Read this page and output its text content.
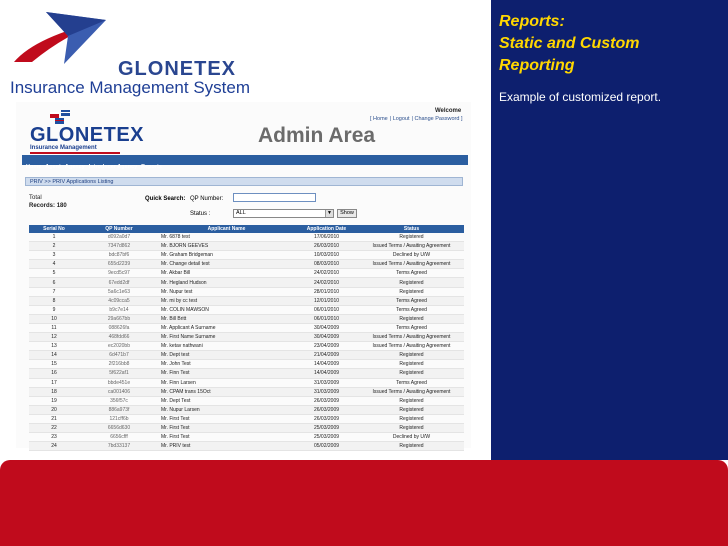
Reports:
Static and Custom
Reporting
Example of customized report.
GLONETEX
Insurance Management System
Welcome
[ Home | Logout | Change Password ]
GLONETEX
Insurance Management
Admin Area
Home Agent Agency Introducer Agency Reports
PRIV >> PRIV Applications Listing
Total
Records: 180
Quick Search: QP Number:
Status :	ALL	▼	Show
Serial No	QP Number	Applicant Name	Application Date	Status
1	d092a0d7	Mr. 6878 test	17/06/2010	Registered
2	7347d862	Mr. BJORN GEEVES	26/03/2010	Issued Terms / Awaiting Agreement
3	bdc87bf6	Mr. Graham Bridgeman	10/03/2010	Declined by U/W
4	655d2239	Mr. Change detail test	08/03/2010	Issued Terms / Awaiting Agreement
5	9ecd5c97	Mr. Akbar Bill	24/02/2010	Terms Agreed
6	67edd2df	Mr. Hegland Hudson	24/02/2010	Registered
7	5a6c1e63	Mr. Nupur test	28/01/2010	Registered
8	4c09cca5	Mr. mi by cc test	12/01/2010	Terms Agreed
9	b9c7e14	Mr. COLIN MAWSON	06/01/2010	Terms Agreed
10	29a667bb	Mr. Bill Britt	06/01/2010	Registered
11	088626fa	Mr. Applicant A Surname	30/04/2009	Terms Agreed
12	468fdd66	Mr. First Name Surname	30/04/2009	Issued Terms / Awaiting Agreement
13	ec2020bb	Mr. ketav nathwani	23/04/2009	Issued Terms / Awaiting Agreement
14	6d471b7	Mr. Dept test	21/04/2009	Registered
15	2f216bb8	Mr. John Test	14/04/2009	Registered
16	5f622af1	Mr. Finn Test	14/04/2009	Registered
17	bbde451e	Mr. Finn Larsen	31/03/2009	Terms Agreed
18	ca001406	Mr. CPAM trans 15Oct	31/03/2009	Issued Terms / Awaiting Agreement
19	356f57c	Mr. Dept Test	26/03/2009	Registered
20	886a973f	Mr. Nupur Larsen	26/03/2009	Registered
21	121cff6b	Mr. First Test	26/03/2009	Registered
22	6656d630	Mr. First Test	25/03/2009	Registered
23	6656cfff	Mr. First Test	25/03/2009	Declined by U/W
24	7bd33137	Mr. PRIV test	05/02/2009	Registered
